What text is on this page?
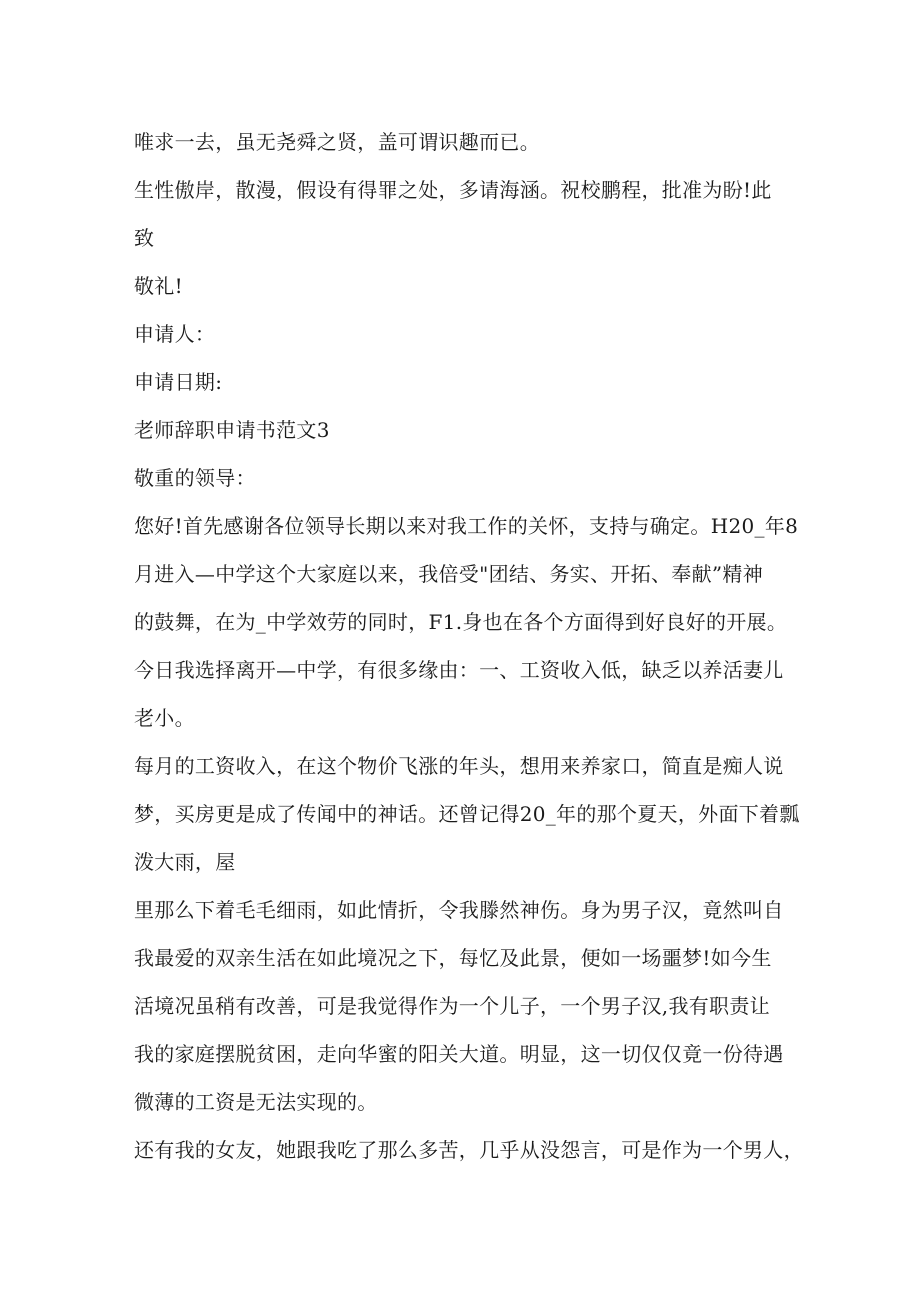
唯求一去，虽无尧舜之贤，盖可谓识趣而已。
生性傲岸，散漫，假设有得罪之处，多请海涵。祝校鹏程，批准为盼!此
致
敬礼!
申请人：
申请日期:
老师辞职申请书范文3
敬重的领导：
您好!首先感谢各位领导长期以来对我工作的关怀，支持与确定。H20_年8
月进入—中学这个大家庭以来，我倍受"团结、务实、开拓、奉献”精神
的鼓舞，在为_中学效劳的同时，F1.身也在各个方面得到好良好的开展。
今日我选择离开—中学，有很多缘由：一、工资收入低，缺乏以养活妻儿
老小。
每月的工资收入，在这个物价飞涨的年头，想用来养家口，简直是痴人说
梦，买房更是成了传闻中的神话。还曾记得20_年的那个夏天，外面下着瓢
泼大雨，屋
里那么下着毛毛细雨，如此情折，令我滕然神伤。身为男子汉，竟然叫自
我最爱的双亲生活在如此境况之下，每忆及此景，便如一场噩梦!如今生
活境况虽稍有改善，可是我觉得作为一个儿子，一个男子汉,我有职责让
我的家庭摆脱贫困，走向华蜜的阳关大道。明显，这一切仅仅竟一份待遇
微薄的工资是无法实现的。
还有我的女友，她跟我吃了那么多苦，几乎从没怨言，可是作为一个男人，
